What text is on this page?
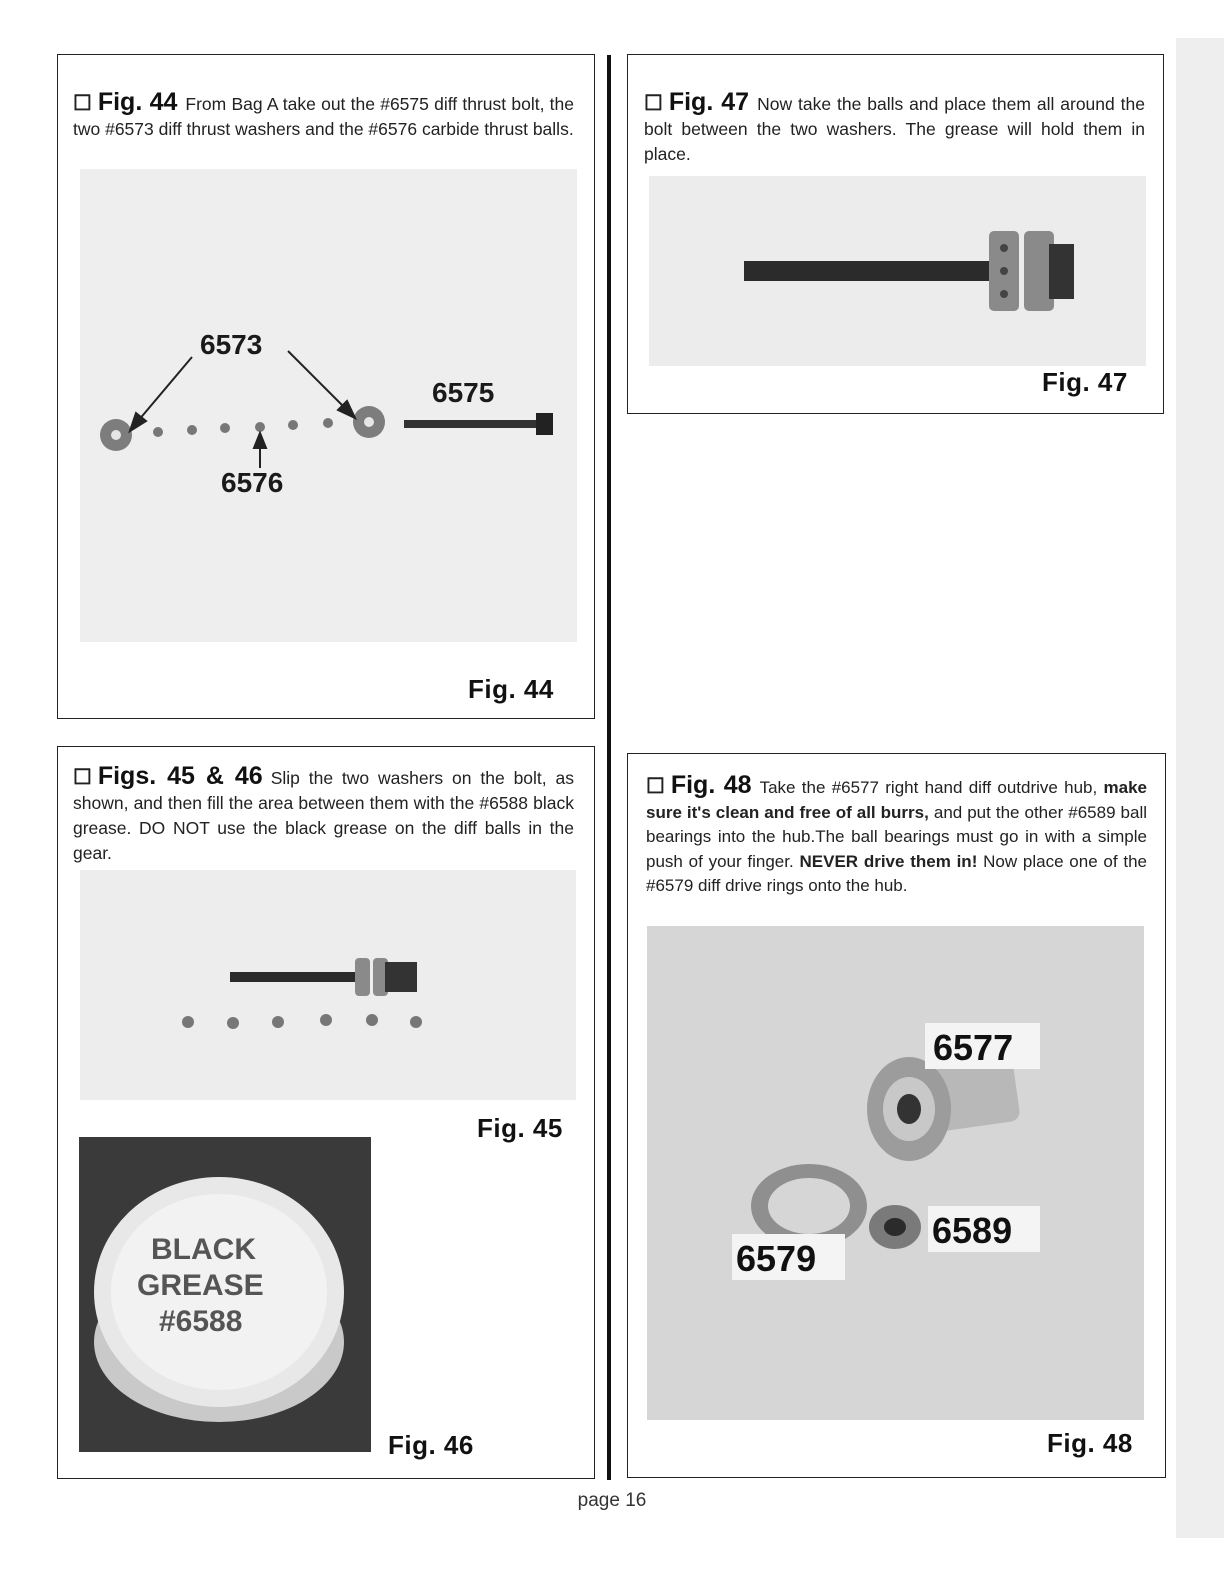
☐ Fig. 44 From Bag A take out the #6575 diff thrust bolt, the two #6573 diff thrust washers and the #6576 carbide thrust balls.
6573
6575
6576
Fig. 44
☐ Fig. 47 Now take the balls and place them all around the bolt between the two washers. The grease will hold them in place.
Fig. 47
☐ Figs. 45 & 46 Slip the two washers on the bolt, as shown, and then fill the area between them with the #6588 black grease. DO NOT use the black grease on the diff balls in the gear.
Fig. 45
BLACK
GREASE
#6588
Fig. 46
☐ Fig. 48 Take the #6577 right hand diff outdrive hub, make sure it's clean and free of all burrs, and put the other #6589 ball bearings into the hub.The ball bearings must go in with a simple push of your finger. NEVER drive them in! Now place one of the #6579 diff drive rings onto the hub.
6577
6589
6579
Fig. 48
page 16
